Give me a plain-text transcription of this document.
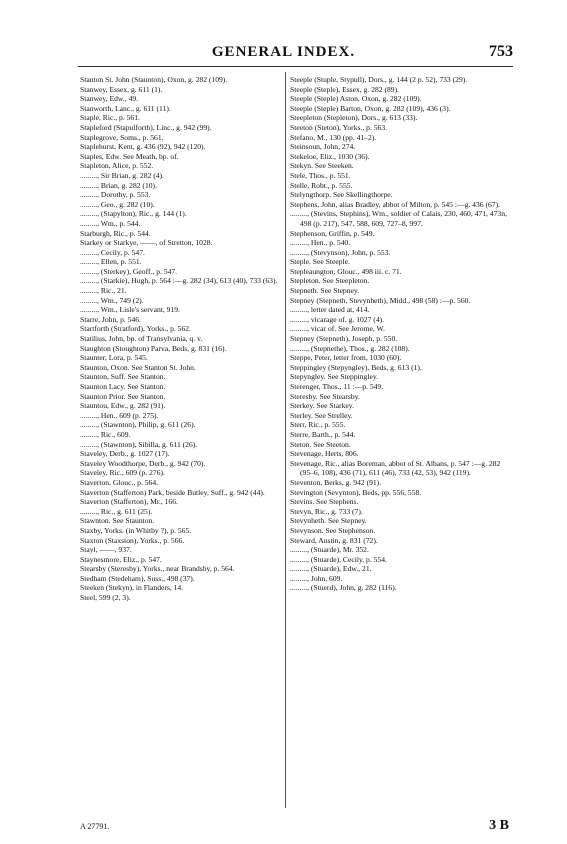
GENERAL INDEX.	753

Stanton St. John (Staunton), Oxon, g. 282 (109).

Stanwey, Essex, g. 611 (1).

Stanwey, Edw., 49.

Stanworth, Lanc., g. 611 (11).

Staple, Ric., p. 561.

Stapleford (Stapulforth), Linc., g. 942 (99).

Staplegrove, Soms., p. 561.

Staplehurst, Kent, g. 436 (92), 942 (120).

Staples, Edw. See Meath, bp. of.

Stapleton, Alice, p. 552.

........., Sir Brian, g. 282 (4).

........., Brian, g. 282 (10).

........., Dorothy, p. 553.

........., Geo., g. 282 (10).

........., (Stapylton), Ric., g. 144 (1).

........., Wm., p. 544.

Starburgh, Ric., p. 544.

Starkey or Starkye, ——, of Stretton, 1028.

........., Cecily, p. 547.

........., Ellen, p. 551.

........., (Sterkey), Geoff., p. 547.

........., (Starkie), Hugh, p. 564 :—g. 282 (34), 613 (40), 733 (63).

........., Ric., 21.

........., Wm., 749 (2).

........., Wm., Lisle's servant, 919.

Starre, John, p. 546.

Startforth (Stratford), Yorks., p. 562.

Statilius, John, bp. of Transylvania, q. v.

Staughton (Stoughton) Parva, Beds, g. 831 (16).

Staunter, Lora, p. 545.

Staunton, Oxon. See Stanton St. John.

Staunton, Suff. See Stanton.

Staunton Lacy. See Stanton.

Staunton Prior. See Stanton.

Stauntou, Edw., g. 282 (91).

........., Hen., 609 (p. 275).

........., (Stawnton), Philip, g. 611 (26).

........., Ric., 609.

........., (Stawnton), Sibilla, g. 611 (26).

Staveley, Derb., g. 1027 (17).

Staveley Woodthorpe, Derb., g. 942 (70).

Staveley, Ric., 609 (p. 276).

Staverton, Glouc., p. 564.

Staverton (Stafferton) Park, beside Butley, Suff., g. 942 (44).

Staverton (Stafferton), Mr., 166.

........., Ric., g. 611 (25).

Stawnton. See Staunton.

Staxby, Yorks. (in Whitby ?), p. 565.

Staxton (Staxston), Yorks., p. 566.

Stayl, ——, 937.

Staynesmore, Eliz., p. 547.

Stearsby (Steresby), Yorks., near Brandsby, p. 564.

Stedham (Stedeham), Suss., 498 (37).

Steeken (Stekyn), in Flanders, 14.

Steel, 599 (2, 3).

Steeple (Stuple, Stypull), Dors., g. 144 (2 p. 52), 733 (29).

Steeple (Steple), Essex, g. 282 (89).

Steeple (Steple) Aston, Oxon, g. 282 (109).

Steeple (Steple) Barton, Oxon, g. 282 (109), 436 (3).

Steepleton (Stepleton), Dors., g. 613 (33).

Steeton (Steton), Yorks., p. 563.

Stefano, M., 130 (pp. 41–2).

Steinsoun, John, 274.

Stekeloe, Eliz., 1030 (36).

Stekyn. See Steeken.

Stele, Thos., p. 551.

Stelle, Robt., p. 555.

Stelyngthorp. See Skellingthorpe.

Stephens, John, alias Bradley, abbot of Milton, p. 545 :—g. 436 (67).

........., (Stevins, Stephins), Wm., soldier of Calais, 230, 460, 471, 473n, 498 (p. 217), 547, 588, 609, 727–8, 997.

Stephenson, Griffin, p. 549.

........., Hen., p. 540.

........., (Stevynson), John, p. 553.

Steple. See Steeple.

Stepleaungton, Glouc., 498 iii. c. 71.

Stepleton. See Steepleton.

Stepneth. See Stepney.

Stepney (Stepneth, Stevynheth), Midd., 498 (58) :—p. 560.

........., letter dated at, 414.

........., vicarage of, g. 1027 (4).

........., vicar of. See Jerome, W.

Stepney (Stepneth), Joseph, p. 550.

........., (Stepnethe), Thos., g. 282 (108).

Steppe, Peter, letter from, 1030 (60).

Steppingley (Stepyngley), Beds, g. 613 (1).

Stepyngley. See Steppingley.

Sterenger, Thos., 11 :—p. 549.

Steresby. See Stearsby.

Sterkey. See Starkey.

Sterley. See Strelley.

Sterr, Ric., p. 555.

Sterre, Barth., p. 544.

Steton. See Steeton.

Stevenage, Herts, 806.

Stevenage, Ric., alias Boreman, abbot of St. Albans, p. 547 :—g. 282 (95–6, 108), 436 (71), 611 (46), 733 (42, 53), 942 (119).

Steventon, Berks, g. 942 (91).

Stevington (Sevynton), Beds, pp. 556, 558.

Stevins. See Stephens.

Stevyn, Ric., g. 733 (7).

Stevynheth. See Stepney.

Stevynson. See Stephenson.

Steward, Austin, g. 831 (72).

........., (Stuarde), Mr. 352.

........., (Stuarde), Cecily, p. 554.

........., (Stuarde), Edw., 21.

........., John, 609.

........., (Stuerd), John, g. 282 (116).

A 27791.	3 B
